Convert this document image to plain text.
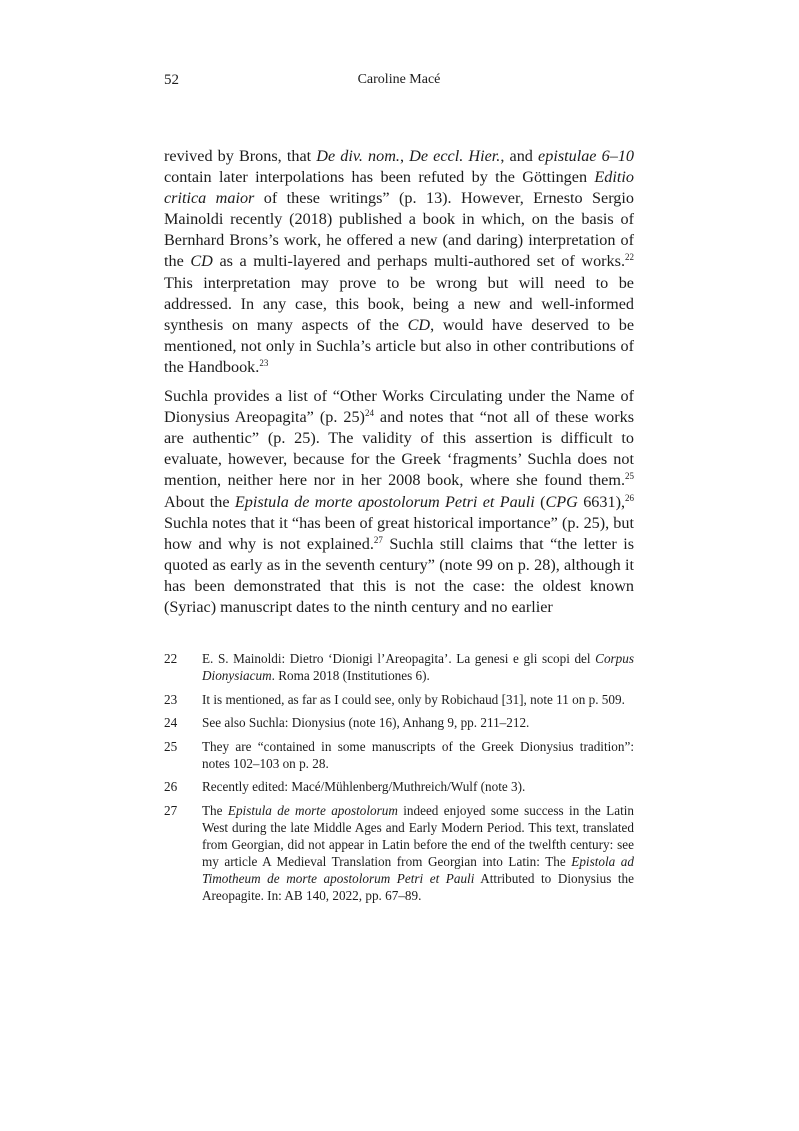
52	Caroline Macé

revived by Brons, that De div. nom., De eccl. Hier., and epistulae 6–10 contain later interpolations has been refuted by the Göttingen Editio critica maior of these writings” (p. 13). However, Ernesto Sergio Mainoldi recently (2018) published a book in which, on the basis of Bernhard Brons’s work, he offered a new (and daring) interpretation of the CD as a multi-layered and perhaps multi-authored set of works.$^{22}$ This interpretation may prove to be wrong but will need to be addressed. In any case, this book, being a new and well-informed synthesis on many aspects of the CD, would have deserved to be mentioned, not only in Suchla’s article but also in other contributions of the Handbook.$^{23}$

Suchla provides a list of “Other Works Circulating under the Name of Dionysius Areopagita” (p. 25)$^{24}$ and notes that “not all of these works are authentic” (p. 25). The validity of this assertion is difficult to evaluate, however, because for the Greek ‘fragments’ Suchla does not mention, neither here nor in her 2008 book, where she found them.$^{25}$ About the Epistula de morte apostolorum Petri et Pauli (CPG 6631),$^{26}$ Suchla notes that it “has been of great historical importance” (p. 25), but how and why is not explained.$^{27}$ Suchla still claims that “the letter is quoted as early as in the seventh century” (note 99 on p. 28), although it has been demonstrated that this is not the case: the oldest known (Syriac) manuscript dates to the ninth century and no earlier

22 E. S. Mainoldi: Dietro ‘Dionigi l’Areopagita’. La genesi e gli scopi del Corpus Dionysiacum. Roma 2018 (Institutiones 6).
23 It is mentioned, as far as I could see, only by Robichaud [31], note 11 on p. 509.
24 See also Suchla: Dionysius (note 16), Anhang 9, pp. 211–212.
25 They are “contained in some manuscripts of the Greek Dionysius tradition”: notes 102–103 on p. 28.
26 Recently edited: Macé/Mühlenberg/Muthreich/Wulf (note 3).
27 The Epistula de morte apostolorum indeed enjoyed some success in the Latin West during the late Middle Ages and Early Modern Period. This text, translated from Georgian, did not appear in Latin before the end of the twelfth century: see my article A Medieval Translation from Georgian into Latin: The Epistola ad Timotheum de morte apostolorum Petri et Pauli Attributed to Dionysius the Areopagite. In: AB 140, 2022, pp. 67–89.
